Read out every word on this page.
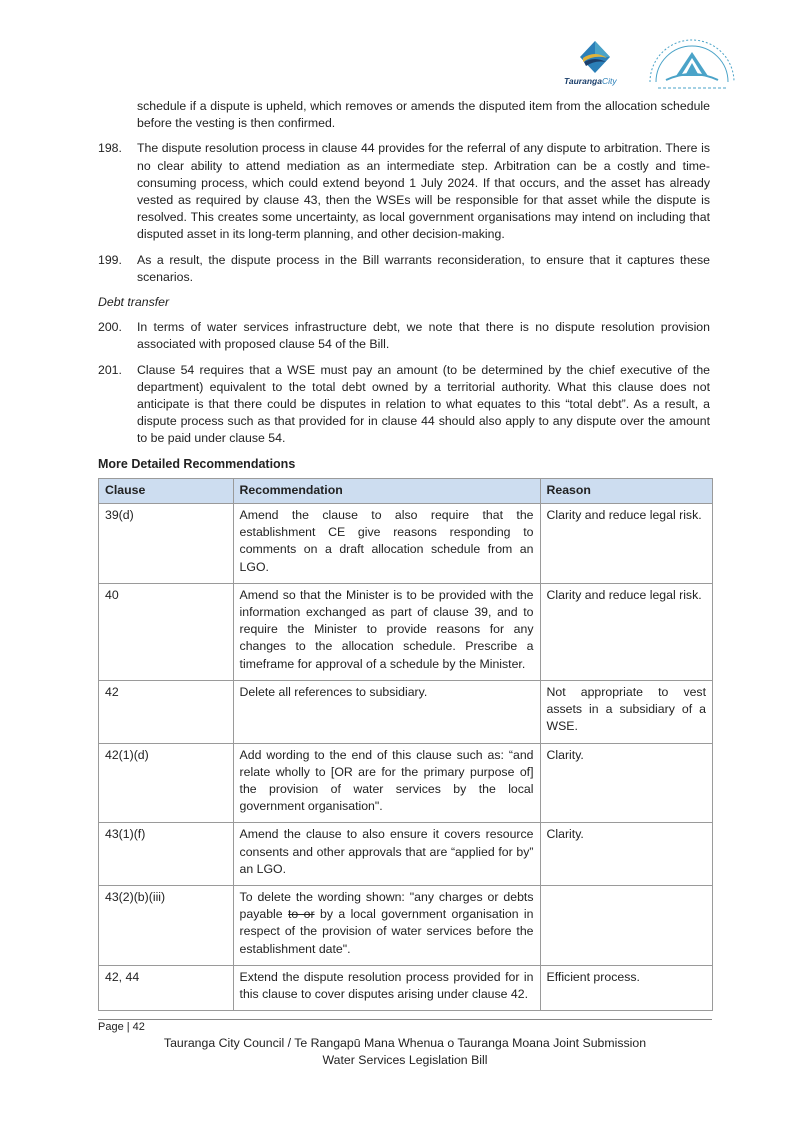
TaurangaCity
schedule if a dispute is upheld, which removes or amends the disputed item from the allocation schedule before the vesting is then confirmed.
198. The dispute resolution process in clause 44 provides for the referral of any dispute to arbitration. There is no clear ability to attend mediation as an intermediate step. Arbitration can be a costly and time-consuming process, which could extend beyond 1 July 2024. If that occurs, and the asset has already vested as required by clause 43, then the WSEs will be responsible for that asset while the dispute is resolved. This creates some uncertainty, as local government organisations may intend on including that disputed asset in its long-term planning, and other decision-making.
199. As a result, the dispute process in the Bill warrants reconsideration, to ensure that it captures these scenarios.
Debt transfer
200. In terms of water services infrastructure debt, we note that there is no dispute resolution provision associated with proposed clause 54 of the Bill.
201. Clause 54 requires that a WSE must pay an amount (to be determined by the chief executive of the department) equivalent to the total debt owned by a territorial authority. What this clause does not anticipate is that there could be disputes in relation to what equates to this “total debt”. As a result, a dispute process such as that provided for in clause 44 should also apply to any dispute over the amount to be paid under clause 54.
More Detailed Recommendations
Clause	Recommendation	Reason
39(d)	Amend the clause to also require that the establishment CE give reasons responding to comments on a draft allocation schedule from an LGO.	Clarity and reduce legal risk.
40	Amend so that the Minister is to be provided with the information exchanged as part of clause 39, and to require the Minister to provide reasons for any changes to the allocation schedule. Prescribe a timeframe for approval of a schedule by the Minister.	Clarity and reduce legal risk.
42	Delete all references to subsidiary.	Not appropriate to vest assets in a subsidiary of a WSE.
42(1)(d)	Add wording to the end of this clause such as: “and relate wholly to [OR are for the primary purpose of] the provision of water services by the local government organisation".	Clarity.
43(1)(f)	Amend the clause to also ensure it covers resource consents and other approvals that are “applied for by” an LGO.	Clarity.
43(2)(b)(iii)	To delete the wording shown: "any charges or debts payable to or by a local government organisation in respect of the provision of water services before the establishment date".	
42, 44	Extend the dispute resolution process provided for in this clause to cover disputes arising under clause 42.	Efficient process.
Page | 42
Tauranga City Council / Te Rangapū Mana Whenua o Tauranga Moana Joint Submission
Water Services Legislation Bill
